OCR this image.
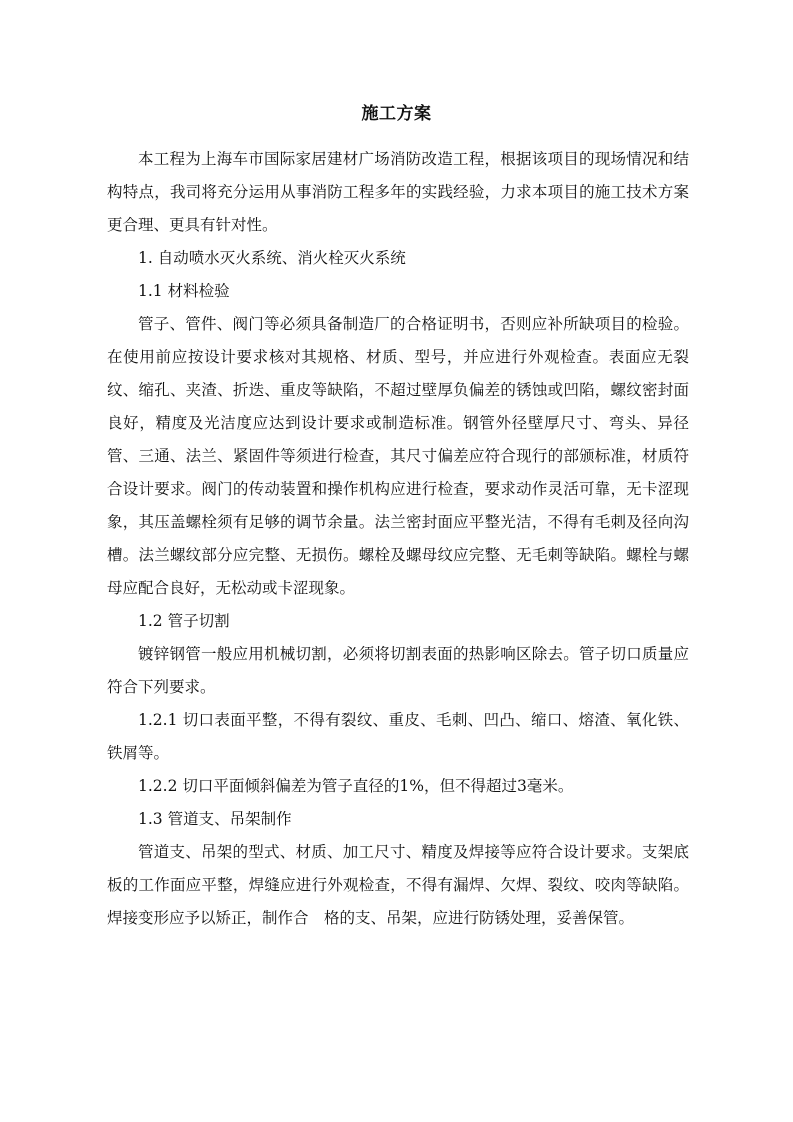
施工方案

本工程为上海车市国际家居建材广场消防改造工程，根据该项目的现场情况和结构特点，我司将充分运用从事消防工程多年的实践经验，力求本项目的施工技术方案更合理、更具有针对性。

1. 自动喷水灭火系统、消火栓灭火系统

1.1 材料检验

管子、管件、阀门等必须具备制造厂的合格证明书，否则应补所缺项目的检验。在使用前应按设计要求核对其规格、材质、型号，并应进行外观检查。表面应无裂纹、缩孔、夹渣、折迭、重皮等缺陷，不超过壁厚负偏差的锈蚀或凹陷，螺纹密封面良好，精度及光洁度应达到设计要求或制造标准。钢管外径壁厚尺寸、弯头、异径管、三通、法兰、紧固件等须进行检查，其尺寸偏差应符合现行的部颁标准，材质符合设计要求。阀门的传动装置和操作机构应进行检查，要求动作灵活可靠，无卡涩现象，其压盖螺栓须有足够的调节余量。法兰密封面应平整光洁，不得有毛刺及径向沟槽。法兰螺纹部分应完整、无损伤。螺栓及螺母纹应完整、无毛刺等缺陷。螺栓与螺母应配合良好，无松动或卡涩现象。

1.2 管子切割

镀锌钢管一般应用机械切割，必须将切割表面的热影响区除去。管子切口质量应符合下列要求。

1.2.1 切口表面平整，不得有裂纹、重皮、毛刺、凹凸、缩口、熔渣、氧化铁、铁屑等。

1.2.2 切口平面倾斜偏差为管子直径的1%，但不得超过3毫米。

1.3 管道支、吊架制作

管道支、吊架的型式、材质、加工尺寸、精度及焊接等应符合设计要求。支架底板的工作面应平整，焊缝应进行外观检查，不得有漏焊、欠焊、裂纹、咬肉等缺陷。焊接变形应予以矫正，制作合　格的支、吊架，应进行防锈处理，妥善保管。
